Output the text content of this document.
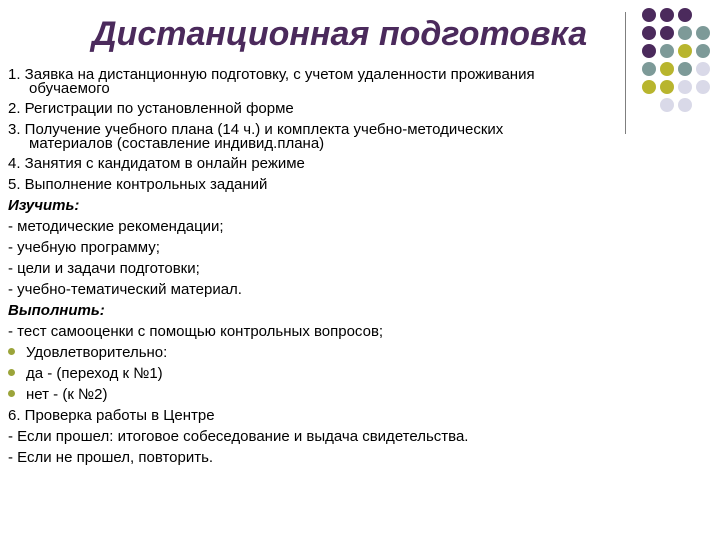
Дистанционная подготовка
1. Заявка на дистанционную подготовку, с учетом удаленности проживания
обучаемого
2. Регистрации по установленной форме
3. Получение учебного плана (14 ч.) и комплекта учебно-методических
материалов (составление индивид.плана)
4. Занятия с кандидатом в онлайн режиме
5. Выполнение контрольных заданий
Изучить:
- методические рекомендации;
- учебную программу;
- цели и задачи подготовки;
- учебно-тематический материал.
Выполнить:
- тест самооценки с помощью контрольных вопросов;
Удовлетворительно:
да - (переход к №1)
нет - (к №2)
6. Проверка работы в Центре
- Если прошел: итоговое собеседование и выдача свидетельства.
- Если не прошел, повторить.
